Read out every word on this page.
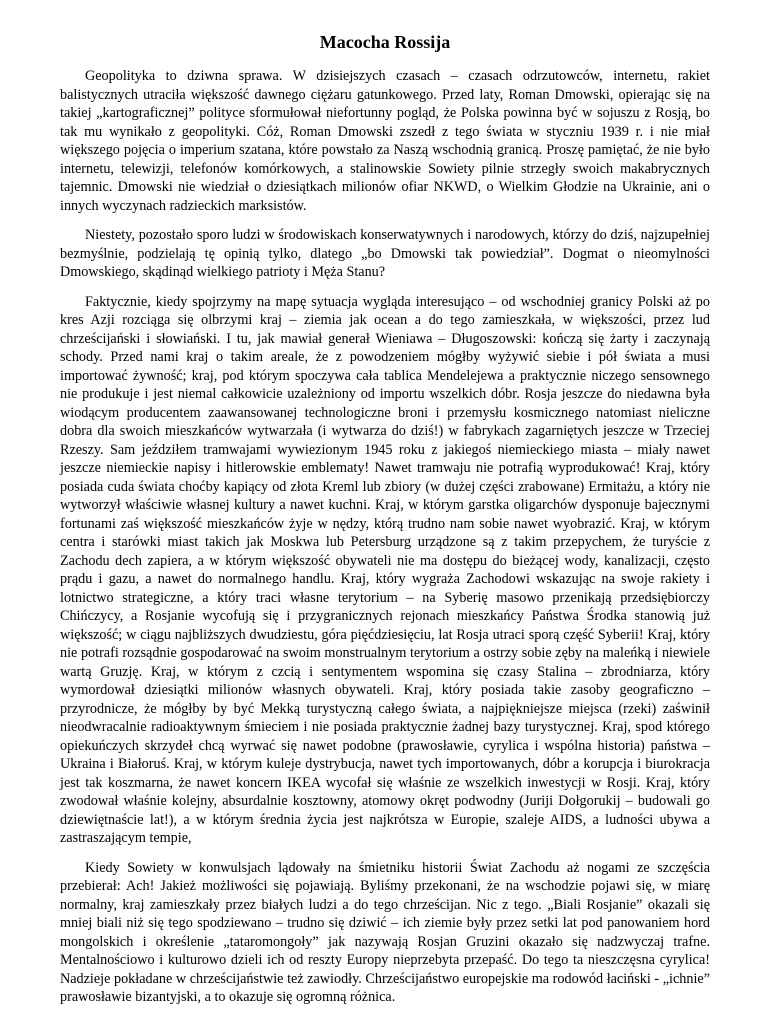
Macocha Rossija

Geopolityka to dziwna sprawa. W dzisiejszych czasach – czasach odrzutowców, internetu, rakiet balistycznych utraciła większość dawnego ciężaru gatunkowego. Przed laty, Roman Dmowski, opierając się na takiej „kartograficznej” polityce sformułował niefortunny pogląd, że Polska powinna być w sojuszu z Rosją, bo tak mu wynikało z geopolityki. Cóż, Roman Dmowski zszedł z tego świata w styczniu 1939 r. i nie miał większego pojęcia o imperium szatana, które powstało za Naszą wschodnią granicą. Proszę pamiętać, że nie było internetu, telewizji, telefonów komórkowych, a stalinowskie Sowiety pilnie strzegły swoich makabrycznych tajemnic. Dmowski nie wiedział o dziesiątkach milionów ofiar NKWD, o Wielkim Głodzie na Ukrainie, ani o innych wyczynach radzieckich marksistów.

Niestety, pozostało sporo ludzi w środowiskach konserwatywnych i narodowych, którzy do dziś, najzupełniej bezmyślnie, podzielają tę opinią tylko, dlatego „bo Dmowski tak powiedział”. Dogmat o nieomylności Dmowskiego, skądinąd wielkiego patrioty i Męża Stanu?

Faktycznie, kiedy spojrzymy na mapę sytuacja wygląda interesująco – od wschodniej granicy Polski aż po kres Azji rozciąga się olbrzymi kraj – ziemia jak ocean a do tego zamieszkała, w większości, przez lud chrześcijański i słowiański. I tu, jak mawiał generał Wieniawa – Długoszowski: kończą się żarty i zaczynają schody. Przed nami kraj o takim areale, że z powodzeniem mógłby wyżywić siebie i pół świata a musi importować żywność; kraj, pod którym spoczywa cała tablica Mendelejewa a praktycznie niczego sensownego nie produkuje i jest niemal całkowicie uzależniony od importu wszelkich dóbr. Rosja jeszcze do niedawna była wiodącym producentem zaawansowanej technologiczne broni i przemysłu kosmicznego natomiast nieliczne dobra dla swoich mieszkańców wytwarzała (i wytwarza do dziś!) w fabrykach zagarniętych jeszcze w Trzeciej Rzeszy. Sam jeździłem tramwajami wywiezionym 1945 roku z jakiegoś niemieckiego miasta – miały nawet jeszcze niemieckie napisy i hitlerowskie emblematy! Nawet tramwaju nie potrafią wyprodukować! Kraj, który posiada cuda świata choćby kapiący od złota Kreml lub zbiory (w dużej części zrabowane) Ermitażu, a który nie wytworzył właściwie własnej kultury a nawet kuchni. Kraj, w którym garstka oligarchów dysponuje bajecznymi fortunami zaś większość mieszkańców żyje w nędzy, którą trudno nam sobie nawet wyobrazić. Kraj, w którym centra i starówki miast takich jak Moskwa lub Petersburg urządzone są z takim przepychem, że turyście z Zachodu dech zapiera, a w którym większość obywateli nie ma dostępu do bieżącej wody, kanalizacji, często prądu i gazu, a nawet do normalnego handlu. Kraj, który wygraża Zachodowi wskazując na swoje rakiety i lotnictwo strategiczne, a który traci własne terytorium – na Syberię masowo przenikają przedsiębiorczy Chińczycy, a Rosjanie wycofują się i przygranicznych rejonach mieszkańcy Państwa Środka stanowią już większość; w ciągu najbliższych dwudziestu, góra pięćdziesięciu, lat Rosja utraci sporą część Syberii! Kraj, który nie potrafi rozsądnie gospodarować na swoim monstrualnym terytorium a ostrzy sobie zęby na maleńką i niewiele wartą Gruzję. Kraj, w którym z czcią i sentymentem wspomina się czasy Stalina – zbrodniarza, który wymordował dziesiątki milionów własnych obywateli. Kraj, który posiada takie zasoby geograficzno – przyrodnicze, że mógłby by być Mekką turystyczną całego świata, a najpiękniejsze miejsca (rzeki) zaświnił nieodwracalnie radioaktywnym śmieciem i nie posiada praktycznie żadnej bazy turystycznej. Kraj, spod którego opiekuńczych skrzydeł chcą wyrwać się nawet podobne (prawosławie, cyrylica i wspólna historia) państwa – Ukraina i Białoruś. Kraj, w którym kuleje dystrybucja, nawet tych importowanych, dóbr a korupcja i biurokracja jest tak koszmarna, że nawet koncern IKEA wycofał się właśnie ze wszelkich inwestycji w Rosji. Kraj, który zwodował właśnie kolejny, absurdalnie kosztowny, atomowy okręt podwodny (Juriji Dołgorukij – budowali go dziewiętnaście lat!), a w którym średnia życia jest najkrótsza w Europie, szaleje AIDS, a ludności ubywa a zastraszającym tempie,

Kiedy Sowiety w konwulsjach lądowały na śmietniku historii Świat Zachodu aż nogami ze szczęścia przebierał: Ach! Jakież możliwości się pojawiają. Byliśmy przekonani, że na wschodzie pojawi się, w miarę normalny, kraj zamieszkały przez białych ludzi a do tego chrześcijan. Nic z tego. „Biali Rosjanie” okazali się mniej biali niż się tego spodziewano – trudno się dziwić – ich ziemie były przez setki lat pod panowaniem hord mongolskich i określenie „tataromongoły” jak nazywają Rosjan Gruzini okazało się nadzwyczaj trafne. Mentalnościowo i kulturowo dzieli ich od reszty Europy nieprzebyta przepaść. Do tego ta nieszczęsna cyrylica! Nadzieje pokładane w chrześcijaństwie też zawiodły. Chrześcijaństwo europejskie ma rodowód łaciński - „ichnie” prawosławie bizantyjski, a to okazuje się ogromną różnica.
